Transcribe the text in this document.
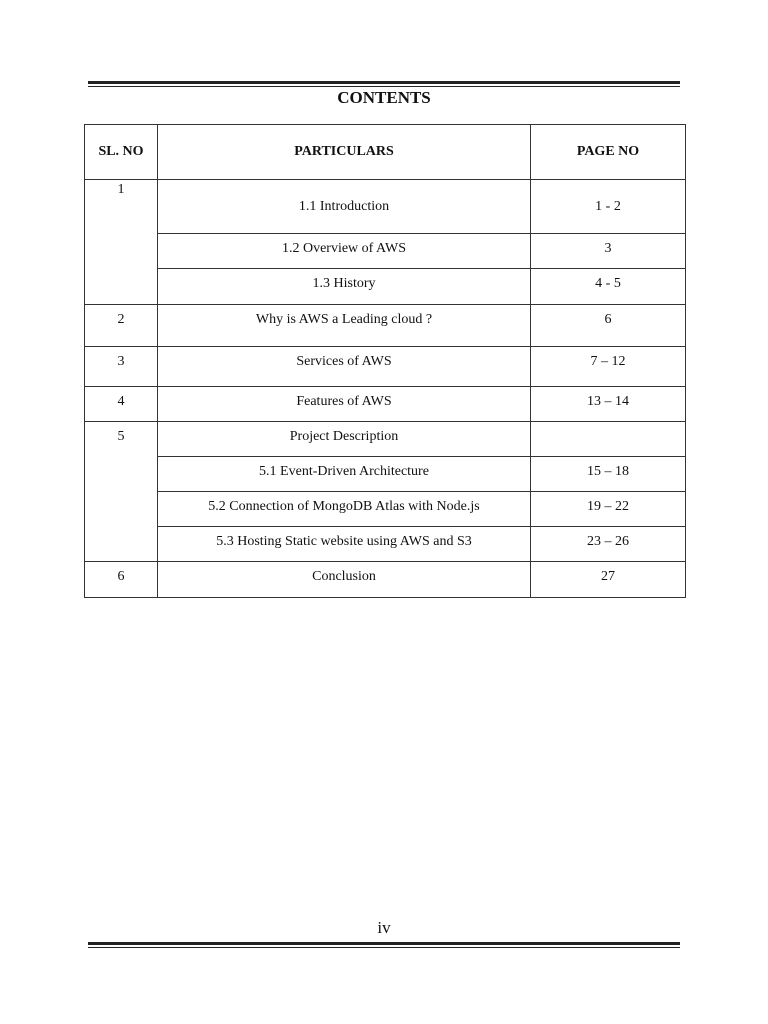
CONTENTS
SL. NO	PARTICULARS	PAGE NO
1	1.1 Introduction	1 - 2
	1.2 Overview of AWS	3
	1.3 History	4 - 5
2	Why is AWS a Leading cloud ?	6
3	Services of AWS	7 – 12
4	Features of AWS	13 – 14
5	Project Description	
	5.1 Event-Driven Architecture	15 – 18
	5.2 Connection of MongoDB Atlas with Node.js	19 – 22
	5.3 Hosting Static website using AWS and S3	23 – 26
6	Conclusion	27
iv
